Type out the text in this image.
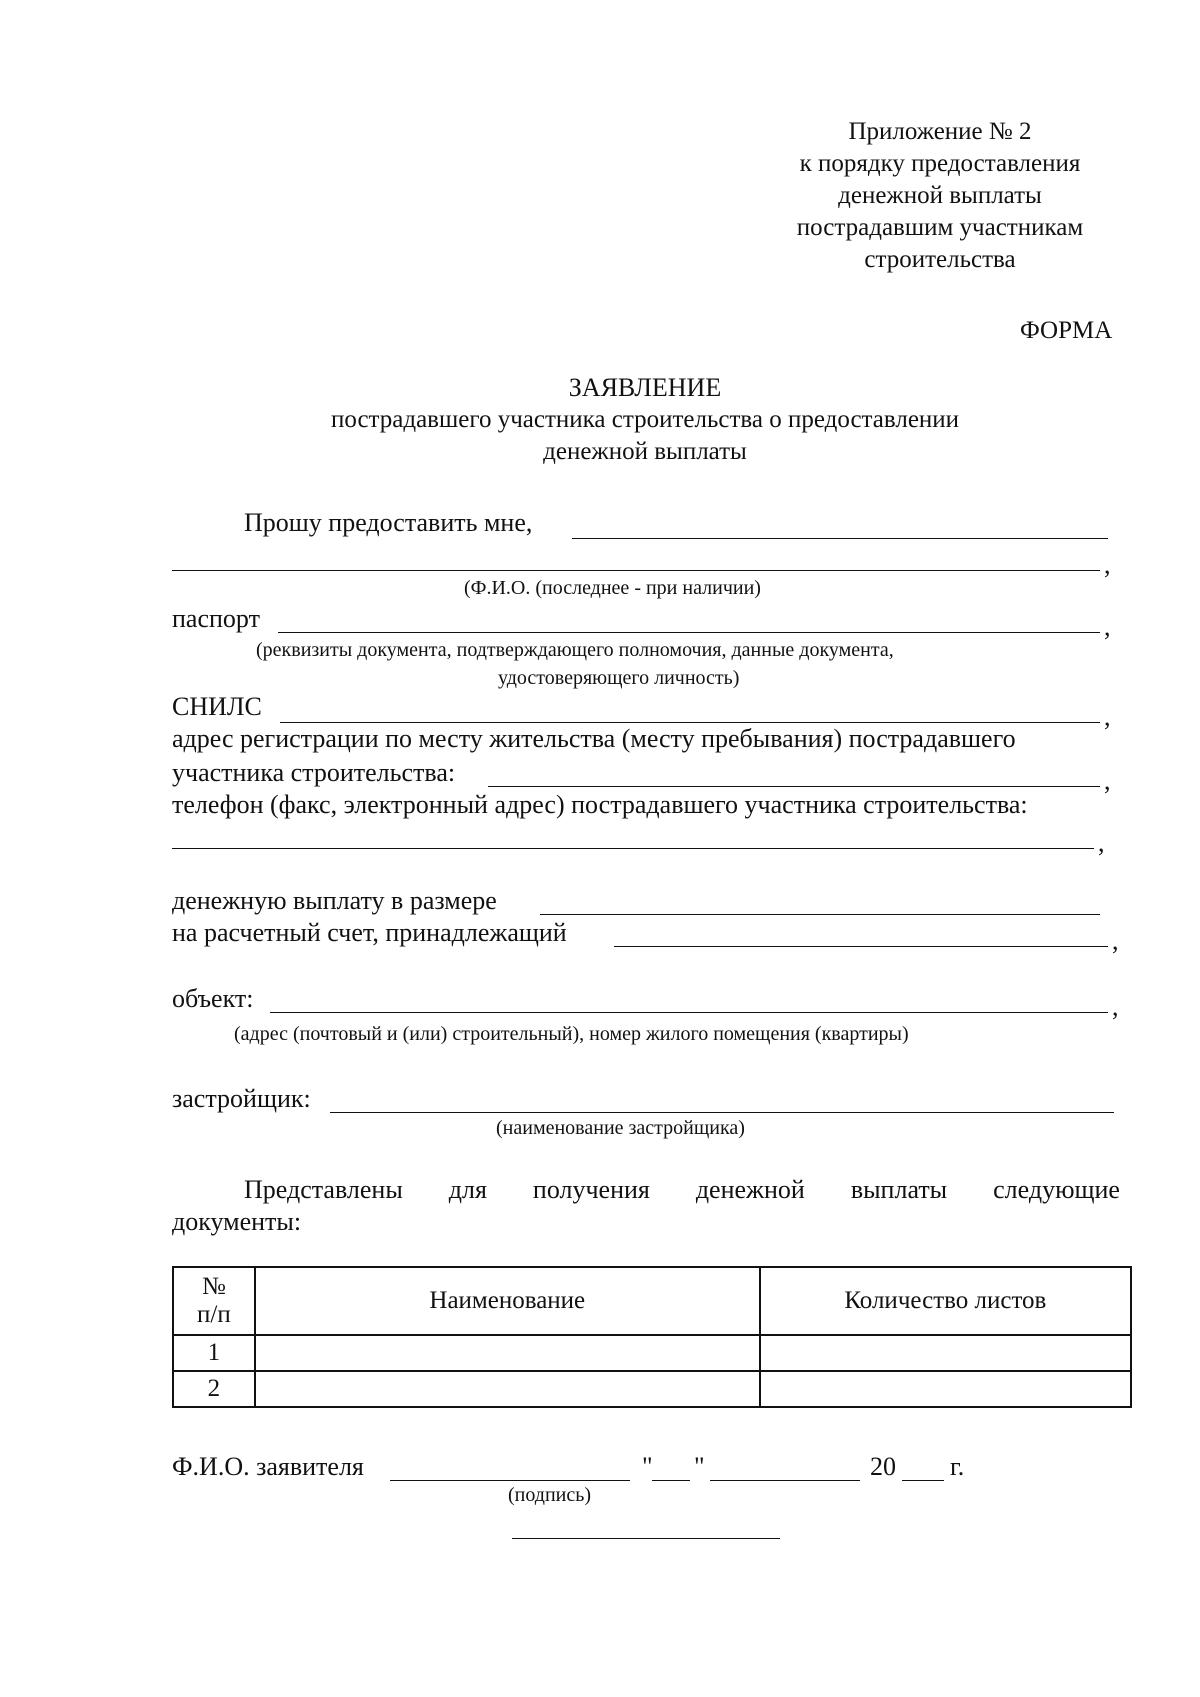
Приложение № 2
к порядку предоставления
денежной выплаты
пострадавшим участникам
строительства
ФОРМА
ЗАЯВЛЕНИЕ
пострадавшего участника строительства о предоставлении
денежной выплаты
Прошу предоставить мне,
,
(Ф.И.О. (последнее - при наличии)
паспорт	,
(реквизиты документа, подтверждающего полномочия, данные документа,
удостоверяющего личность)
СНИЛС	,
адрес регистрации по месту жительства (месту пребывания) пострадавшего
участника строительства:	,
телефон (факс, электронный адрес) пострадавшего участника строительства:
,
денежную выплату в размере
на расчетный счет, принадлежащий	,
объект:	,
(адрес (почтовый и (или) строительный), номер жилого помещения (квартиры)
застройщик:
(наименование застройщика)
Представлены для получения денежной выплаты следующие
документы:
№
п/п	Наименование	Количество листов
1		
2		
Ф.И.О. заявителя	" "	20 г.
(подпись)
